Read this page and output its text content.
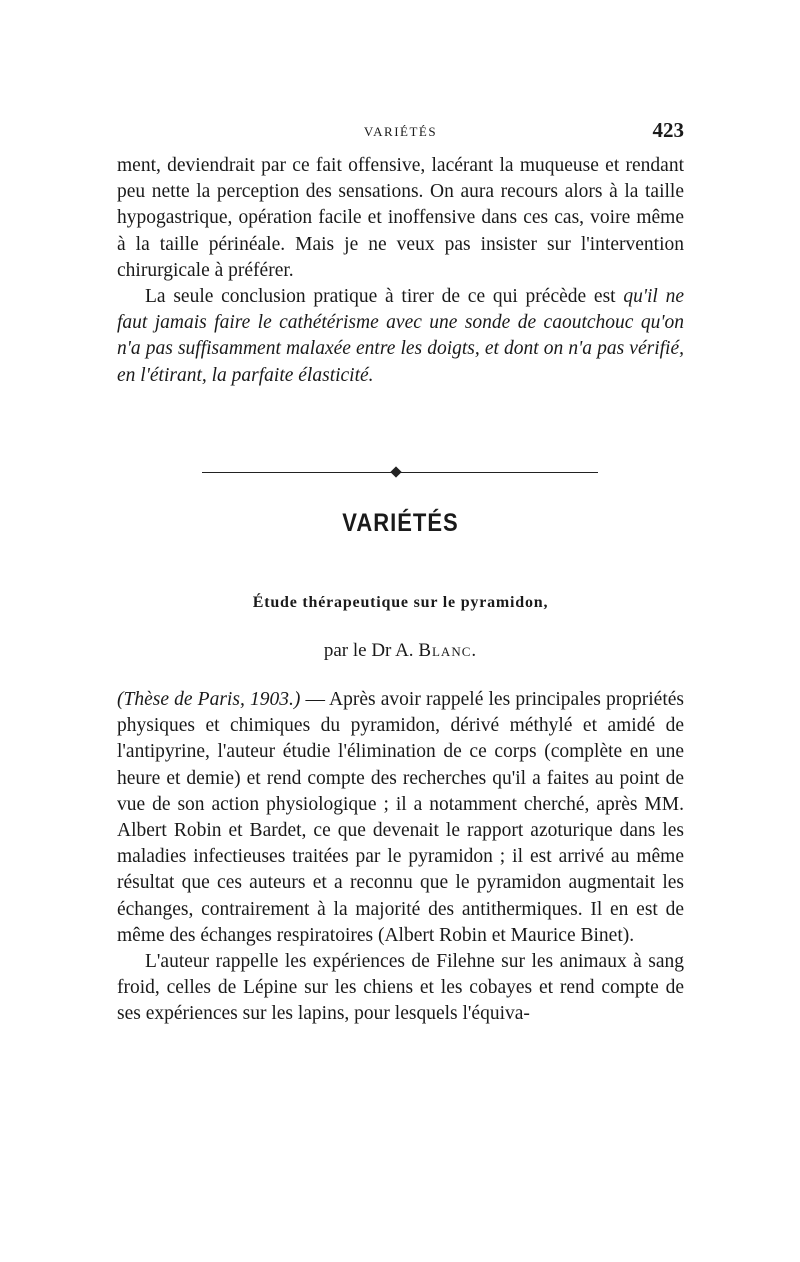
VARIÉTÉS	423

ment, deviendrait par ce fait offensive, lacérant la muqueuse et rendant peu nette la perception des sensations. On aura recours alors à la taille hypogastrique, opération facile et inoffensive dans ces cas, voire même à la taille périnéale. Mais je ne veux pas insister sur l'intervention chirurgicale à préférer.

La seule conclusion pratique à tirer de ce qui précède est qu'il ne faut jamais faire le cathétérisme avec une sonde de caoutchouc qu'on n'a pas suffisamment malaxée entre les doigts, et dont on n'a pas vérifié, en l'étirant, la parfaite élasticité.

VARIÉTÉS
Étude thérapeutique sur le pyramidon,
par le Dr A. Blanc.

(Thèse de Paris, 1903.) — Après avoir rappelé les principales propriétés physiques et chimiques du pyramidon, dérivé méthylé et amidé de l'antipyrine, l'auteur étudie l'élimination de ce corps (complète en une heure et demie) et rend compte des recherches qu'il a faites au point de vue de son action physiologique ; il a notamment cherché, après MM. Albert Robin et Bardet, ce que devenait le rapport azoturique dans les maladies infectieuses traitées par le pyramidon ; il est arrivé au même résultat que ces auteurs et a reconnu que le pyramidon augmentait les échanges, contrairement à la majorité des antithermiques. Il en est de même des échanges respiratoires (Albert Robin et Maurice Binet).

L'auteur rappelle les expériences de Filehne sur les animaux à sang froid, celles de Lépine sur les chiens et les cobayes et rend compte de ses expériences sur les lapins, pour lesquels l'équiva-
